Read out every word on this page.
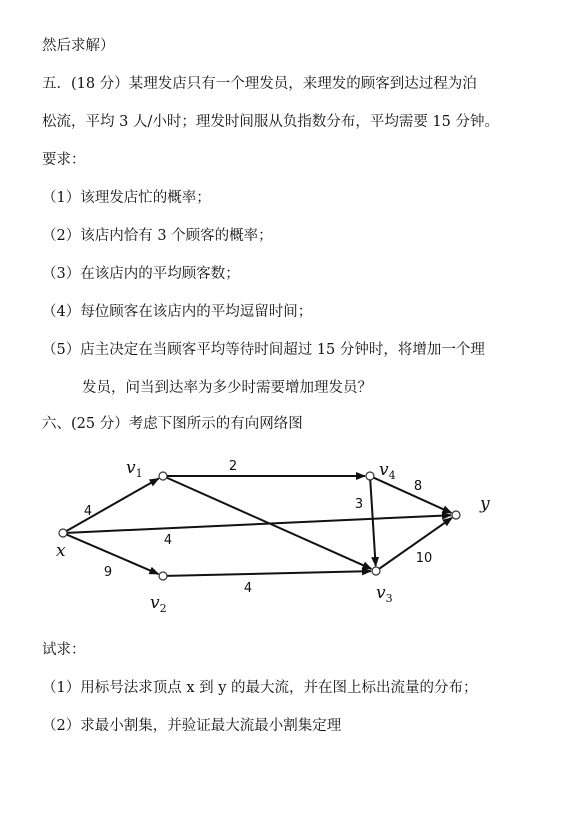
然后求解）
五．(18 分）某理发店只有一个理发员，来理发的顾客到达过程为泊
松流，平均 3 人/小时；理发时间服从负指数分布，平均需要 15 分钟。
要求：
（1）该理发店忙的概率；
（2）该店内恰有 3 个顾客的概率；
（3）在该店内的平均顾客数；
（4）每位顾客在该店内的平均逗留时间；
（5）店主决定在当顾客平均等待时间超过 15 分钟时，将增加一个理
发员，问当到达率为多少时需要增加理发员？
六、(25 分）考虑下图所示的有向网络图
4
9
4
2
4
3
8
10
x
$v_1$
$v_2$
$v_3$
$v_4$
y
试求：
（1）用标号法求顶点 x 到 y 的最大流，并在图上标出流量的分布；
（2）求最小割集，并验证最大流最小割集定理
